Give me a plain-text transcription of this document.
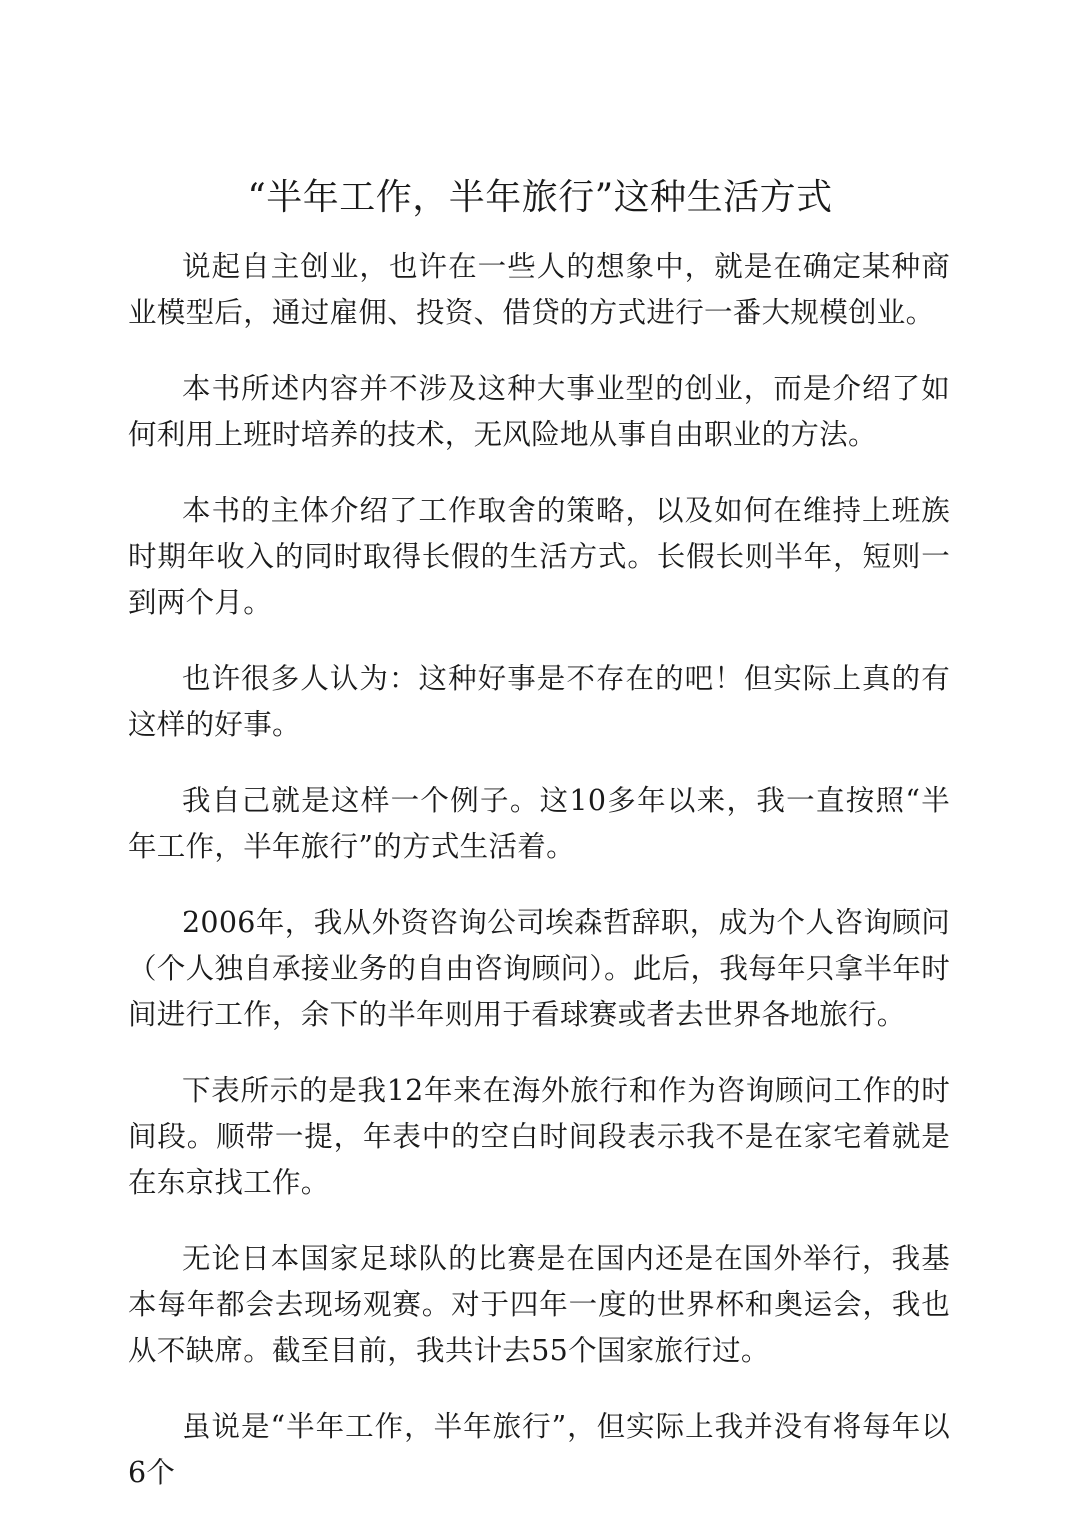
“半年工作，半年旅行”这种生活方式

说起自主创业，也许在一些人的想象中，就是在确定某种商业模型后，通过雇佣、投资、借贷的方式进行一番大规模创业。

本书所述内容并不涉及这种大事业型的创业，而是介绍了如何利用上班时培养的技术，无风险地从事自由职业的方法。

本书的主体介绍了工作取舍的策略，以及如何在维持上班族时期年收入的同时取得长假的生活方式。长假长则半年，短则一到两个月。

也许很多人认为：这种好事是不存在的吧！但实际上真的有这样的好事。

我自己就是这样一个例子。这10多年以来，我一直按照“半年工作，半年旅行”的方式生活着。

2006年，我从外资咨询公司埃森哲辞职，成为个人咨询顾问（个人独自承接业务的自由咨询顾问）。此后，我每年只拿半年时间进行工作，余下的半年则用于看球赛或者去世界各地旅行。

下表所示的是我12年来在海外旅行和作为咨询顾问工作的时间段。顺带一提，年表中的空白时间段表示我不是在家宅着就是在东京找工作。

无论日本国家足球队的比赛是在国内还是在国外举行，我基本每年都会去现场观赛。对于四年一度的世界杯和奥运会，我也从不缺席。截至目前，我共计去55个国家旅行过。

虽说是“半年工作，半年旅行”，但实际上我并没有将每年以6个
